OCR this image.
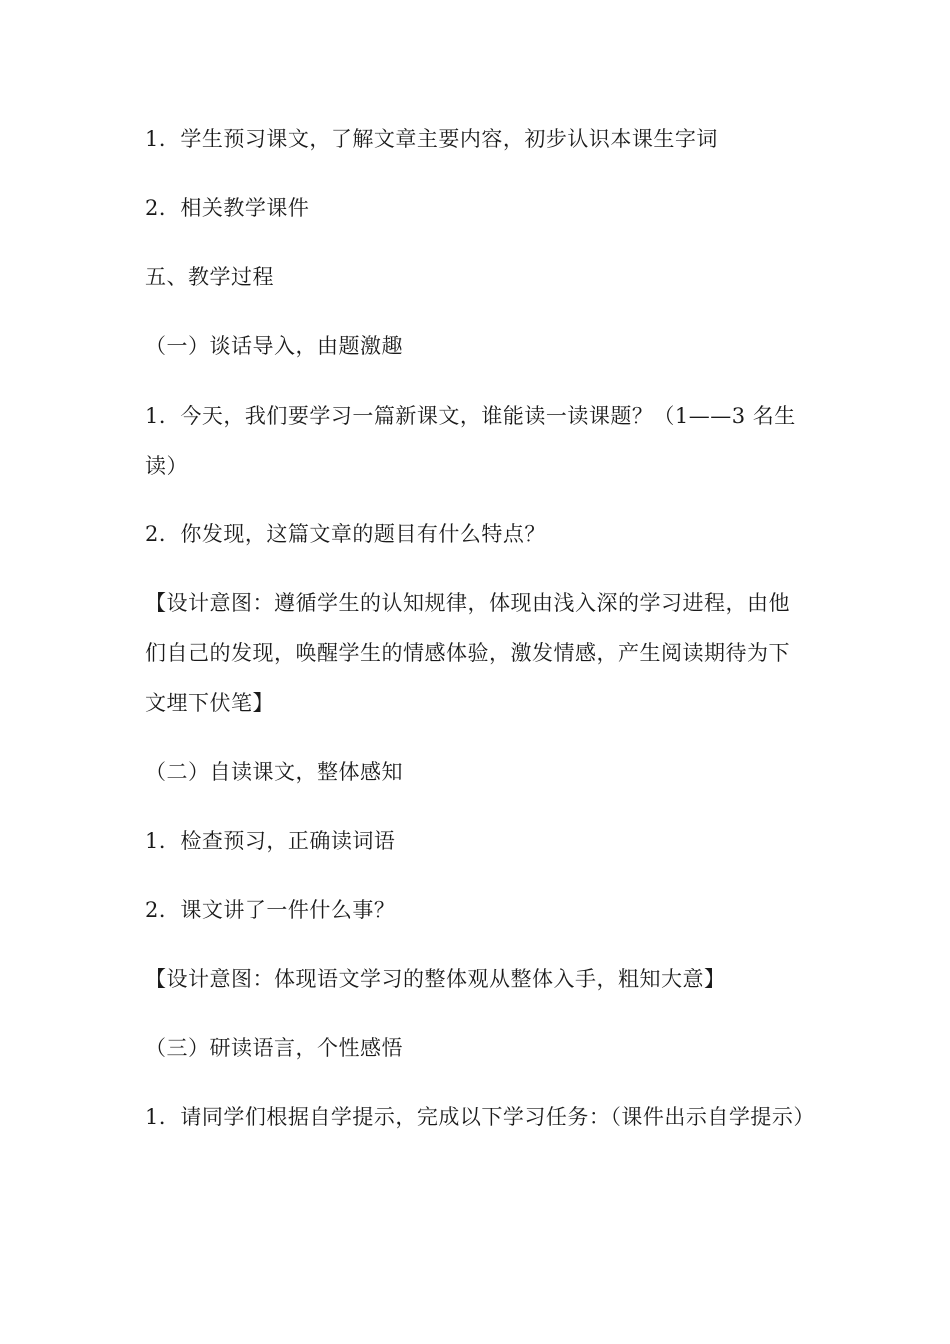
1．学生预习课文，了解文章主要内容，初步认识本课生字词
2．相关教学课件
五、教学过程
（一）谈话导入，由题激趣
1．今天，我们要学习一篇新课文，谁能读一读课题？（1——3 名生读）
2．你发现，这篇文章的题目有什么特点？
【设计意图：遵循学生的认知规律，体现由浅入深的学习进程，由他们自己的发现，唤醒学生的情感体验，激发情感，产生阅读期待为下文埋下伏笔】
（二）自读课文，整体感知
1．检查预习，正确读词语
2．课文讲了一件什么事？
【设计意图：体现语文学习的整体观从整体入手，粗知大意】
（三）研读语言，个性感悟
1．请同学们根据自学提示，完成以下学习任务：（课件出示自学提示）
